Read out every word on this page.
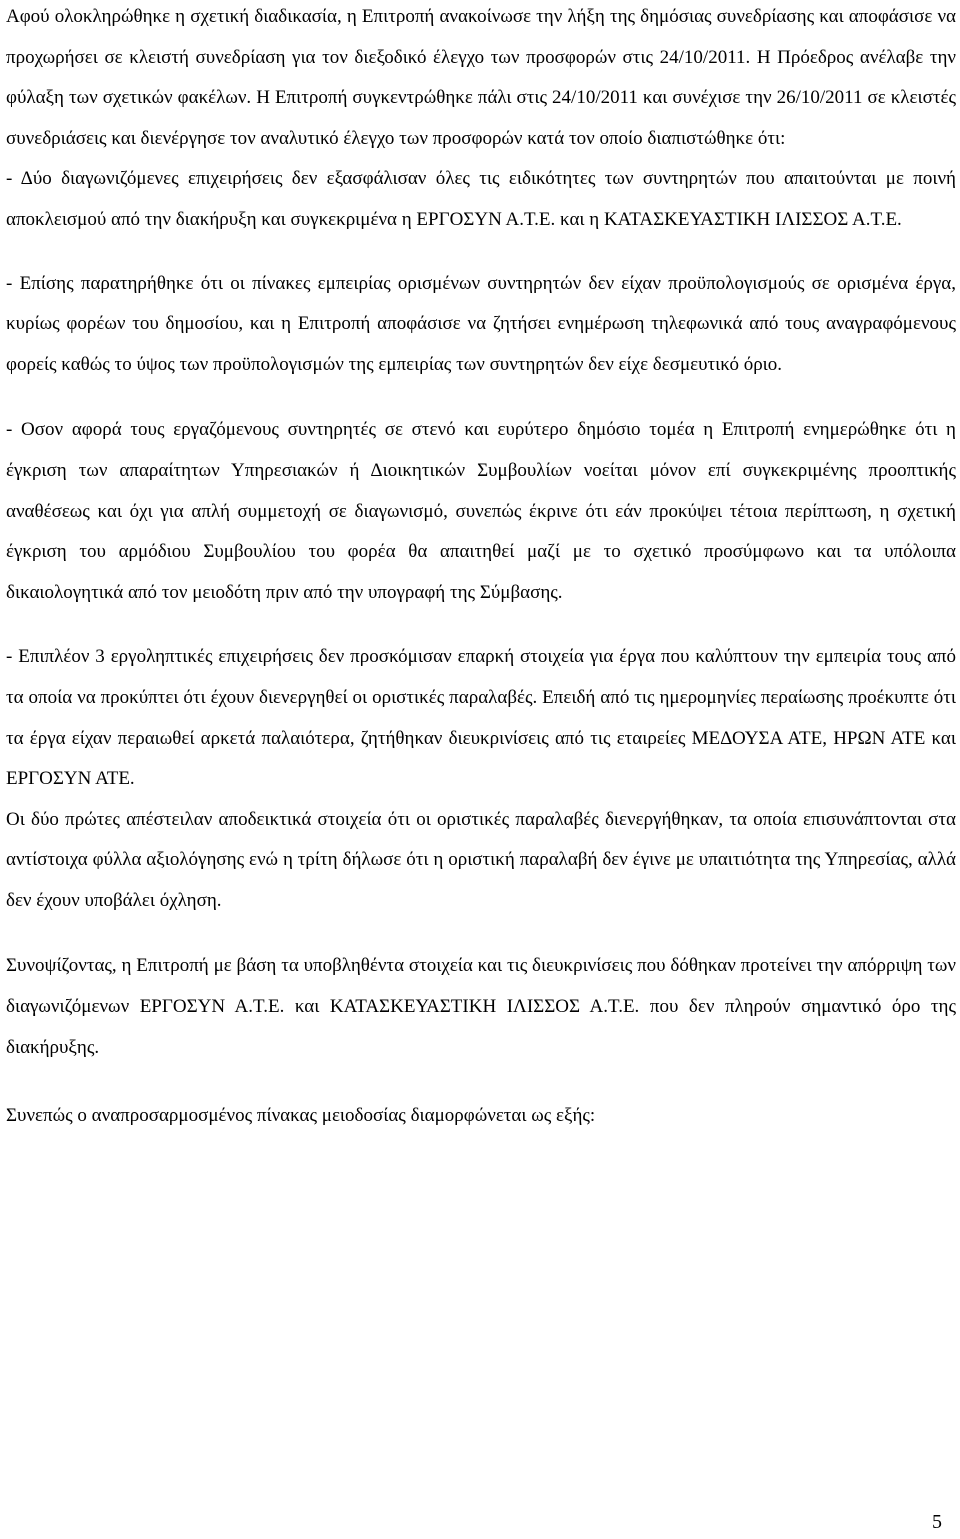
Αφού ολοκληρώθηκε η σχετική διαδικασία, η Επιτροπή ανακοίνωσε την λήξη της δημόσιας συνεδρίασης και αποφάσισε να προχωρήσει σε κλειστή συνεδρίαση για τον διεξοδικό έλεγχο των προσφορών στις 24/10/2011. Η Πρόεδρος ανέλαβε την φύλαξη των σχετικών φακέλων. Η Επιτροπή συγκεντρώθηκε πάλι στις 24/10/2011 και συνέχισε την 26/10/2011 σε κλειστές συνεδριάσεις και διενέργησε τον αναλυτικό έλεγχο των προσφορών κατά τον οποίο διαπιστώθηκε ότι:

- Δύο διαγωνιζόμενες επιχειρήσεις δεν εξασφάλισαν όλες τις ειδικότητες των συντηρητών που απαιτούνται με ποινή αποκλεισμού από την διακήρυξη και συγκεκριμένα η ΕΡΓΟΣΥΝ Α.Τ.Ε. και η ΚΑΤΑΣΚΕΥΑΣΤΙΚΗ ΙΛΙΣΣΟΣ Α.Τ.Ε.

- Επίσης παρατηρήθηκε ότι οι πίνακες εμπειρίας ορισμένων συντηρητών δεν είχαν προϋπολογισμούς σε ορισμένα έργα, κυρίως φορέων του δημοσίου, και η Επιτροπή αποφάσισε να ζητήσει ενημέρωση τηλεφωνικά από τους αναγραφόμενους φορείς καθώς το ύψος των προϋπολογισμών της εμπειρίας των συντηρητών δεν είχε δεσμευτικό όριο.

- Οσον αφορά τους εργαζόμενους συντηρητές σε στενό και ευρύτερο δημόσιο τομέα η Επιτροπή ενημερώθηκε ότι η έγκριση των απαραίτητων Υπηρεσιακών ή Διοικητικών Συμβουλίων νοείται μόνον επί συγκεκριμένης προοπτικής αναθέσεως και όχι για απλή συμμετοχή σε διαγωνισμό, συνεπώς έκρινε ότι εάν προκύψει τέτοια περίπτωση, η σχετική έγκριση του αρμόδιου Συμβουλίου του φορέα θα απαιτηθεί μαζί με το σχετικό προσύμφωνο και τα υπόλοιπα δικαιολογητικά από τον μειοδότη πριν από την υπογραφή της Σύμβασης.

- Επιπλέον 3 εργοληπτικές επιχειρήσεις δεν προσκόμισαν επαρκή στοιχεία για έργα που καλύπτουν την εμπειρία τους από τα οποία να προκύπτει ότι έχουν διενεργηθεί οι οριστικές παραλαβές. Επειδή από τις ημερομηνίες περαίωσης προέκυπτε ότι τα έργα είχαν περαιωθεί αρκετά παλαιότερα, ζητήθηκαν διευκρινίσεις από τις εταιρείες ΜΕΔΟΥΣΑ ΑΤΕ, ΗΡΩΝ ΑΤΕ και ΕΡΓΟΣΥΝ ΑΤΕ.

Οι δύο πρώτες απέστειλαν αποδεικτικά στοιχεία ότι οι οριστικές παραλαβές διενεργήθηκαν, τα οποία επισυνάπτονται στα αντίστοιχα φύλλα αξιολόγησης ενώ η τρίτη δήλωσε ότι η οριστική παραλαβή δεν έγινε με υπαιτιότητα της Υπηρεσίας, αλλά δεν έχουν υποβάλει όχληση.

Συνοψίζοντας, η Επιτροπή με βάση τα υποβληθέντα στοιχεία και τις διευκρινίσεις που δόθηκαν προτείνει την απόρριψη των διαγωνιζόμενων ΕΡΓΟΣΥΝ Α.Τ.Ε. και ΚΑΤΑΣΚΕΥΑΣΤΙΚΗ ΙΛΙΣΣΟΣ Α.Τ.Ε. που δεν πληρούν σημαντικό όρο της διακήρυξης.

Συνεπώς ο αναπροσαρμοσμένος πίνακας μειοδοσίας διαμορφώνεται ως εξής:

5
